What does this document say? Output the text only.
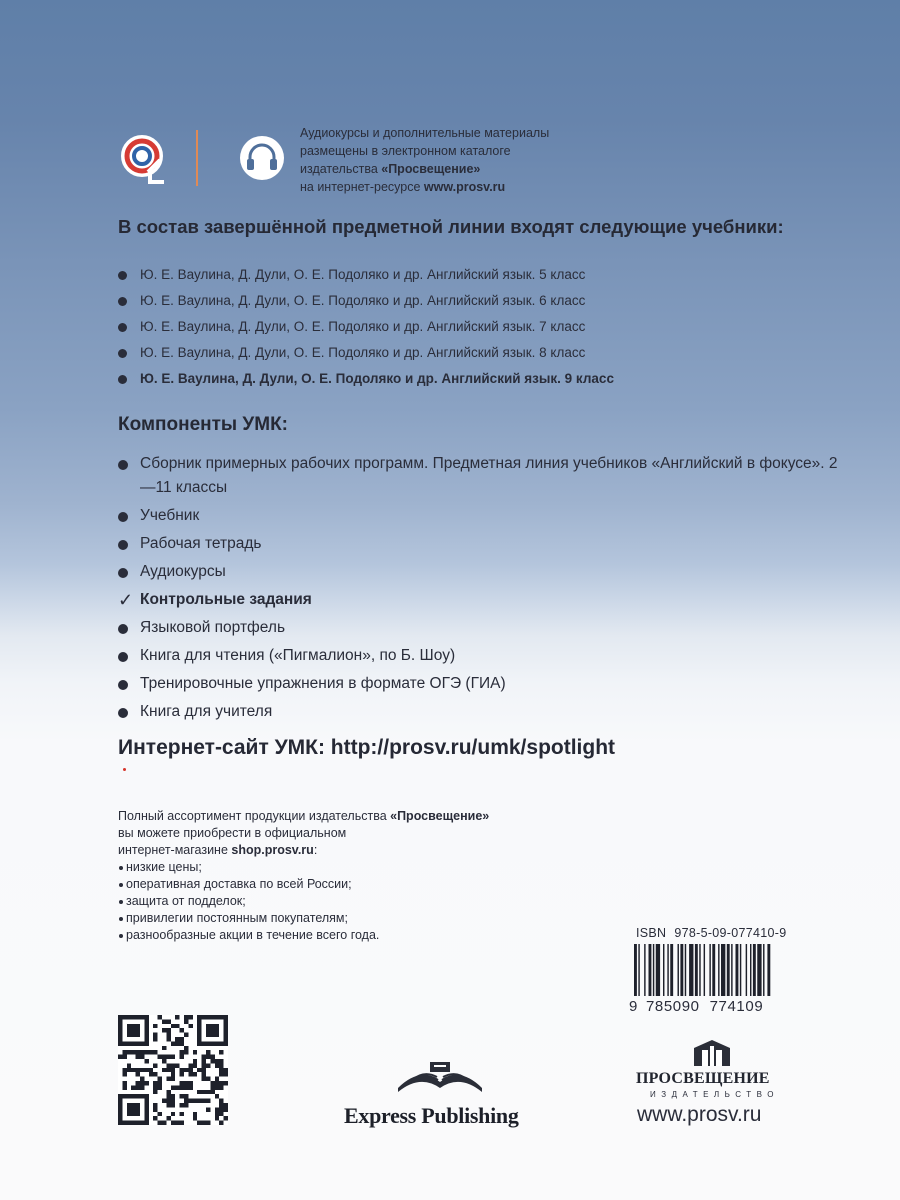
Аудиокурсы и дополнительные материалы
размещены в электронном каталоге
издательства «Просвещение»
на интернет-ресурсе www.prosv.ru
В состав завершённой предметной линии входят следующие учебники:
Ю. Е. Ваулина, Д. Дули, О. Е. Подоляко и др. Английский язык. 5 класс
Ю. Е. Ваулина, Д. Дули, О. Е. Подоляко и др. Английский язык. 6 класс
Ю. Е. Ваулина, Д. Дули, О. Е. Подоляко и др. Английский язык. 7 класс
Ю. Е. Ваулина, Д. Дули, О. Е. Подоляко и др. Английский язык. 8 класс
Ю. Е. Ваулина, Д. Дули, О. Е. Подоляко и др. Английский язык. 9 класс
Компоненты УМК:
Сборник примерных рабочих программ. Предметная линия учебников «Английский в фокусе». 2—11 классы
Учебник
Рабочая тетрадь
Аудиокурсы
✓ Контрольные задания
Языковой портфель
Книга для чтения («Пигмалион», по Б. Шоу)
Тренировочные упражнения в формате ОГЭ (ГИА)
Книга для учителя
Интернет-сайт УМК: http://prosv.ru/umk/spotlight
Полный ассортимент продукции издательства «Просвещение»
вы можете приобрести в официальном
интернет-магазине shop.prosv.ru:
низкие цены;
оперативная доставка по всей России;
защита от подделок;
привилегии постоянным покупателям;
разнообразные акции в течение всего года.	ISBN 978-5-09-077410-9
9 785090 774109
Express Publishing
ПРОСВЕЩЕНИЕ
ИЗДАТЕЛЬСТВО
www.prosv.ru
